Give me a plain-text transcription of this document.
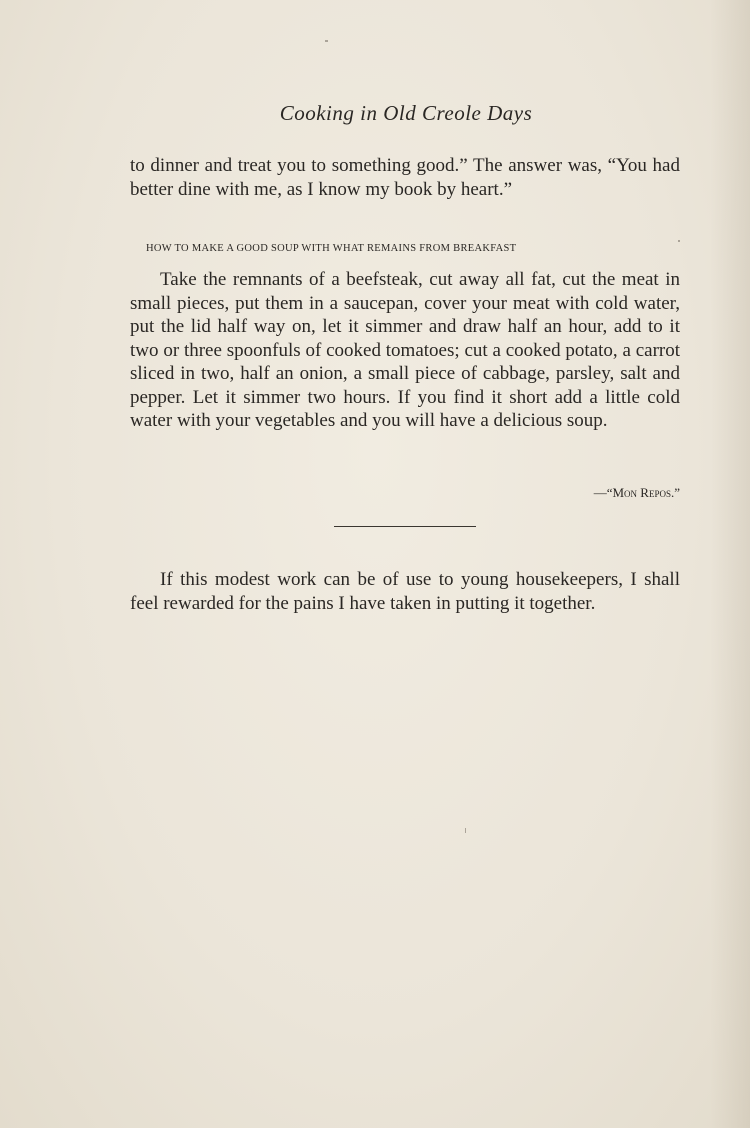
Cooking in Old Creole Days

to dinner and treat you to something good.” The answer was, “You had better dine with me, as I know my book by heart.”

HOW TO MAKE A GOOD SOUP WITH WHAT REMAINS FROM BREAKFAST

Take the remnants of a beefsteak, cut away all fat, cut the meat in small pieces, put them in a saucepan, cover your meat with cold water, put the lid half way on, let it simmer and draw half an hour, add to it two or three spoonfuls of cooked tomatoes; cut a cooked potato, a carrot sliced in two, half an onion, a small piece of cabbage, parsley, salt and pepper. Let it simmer two hours. If you find it short add a little cold water with your vegetables and you will have a delicious soup.

—“Mon Repos.”

If this modest work can be of use to young housekeepers, I shall feel rewarded for the pains I have taken in putting it together.
